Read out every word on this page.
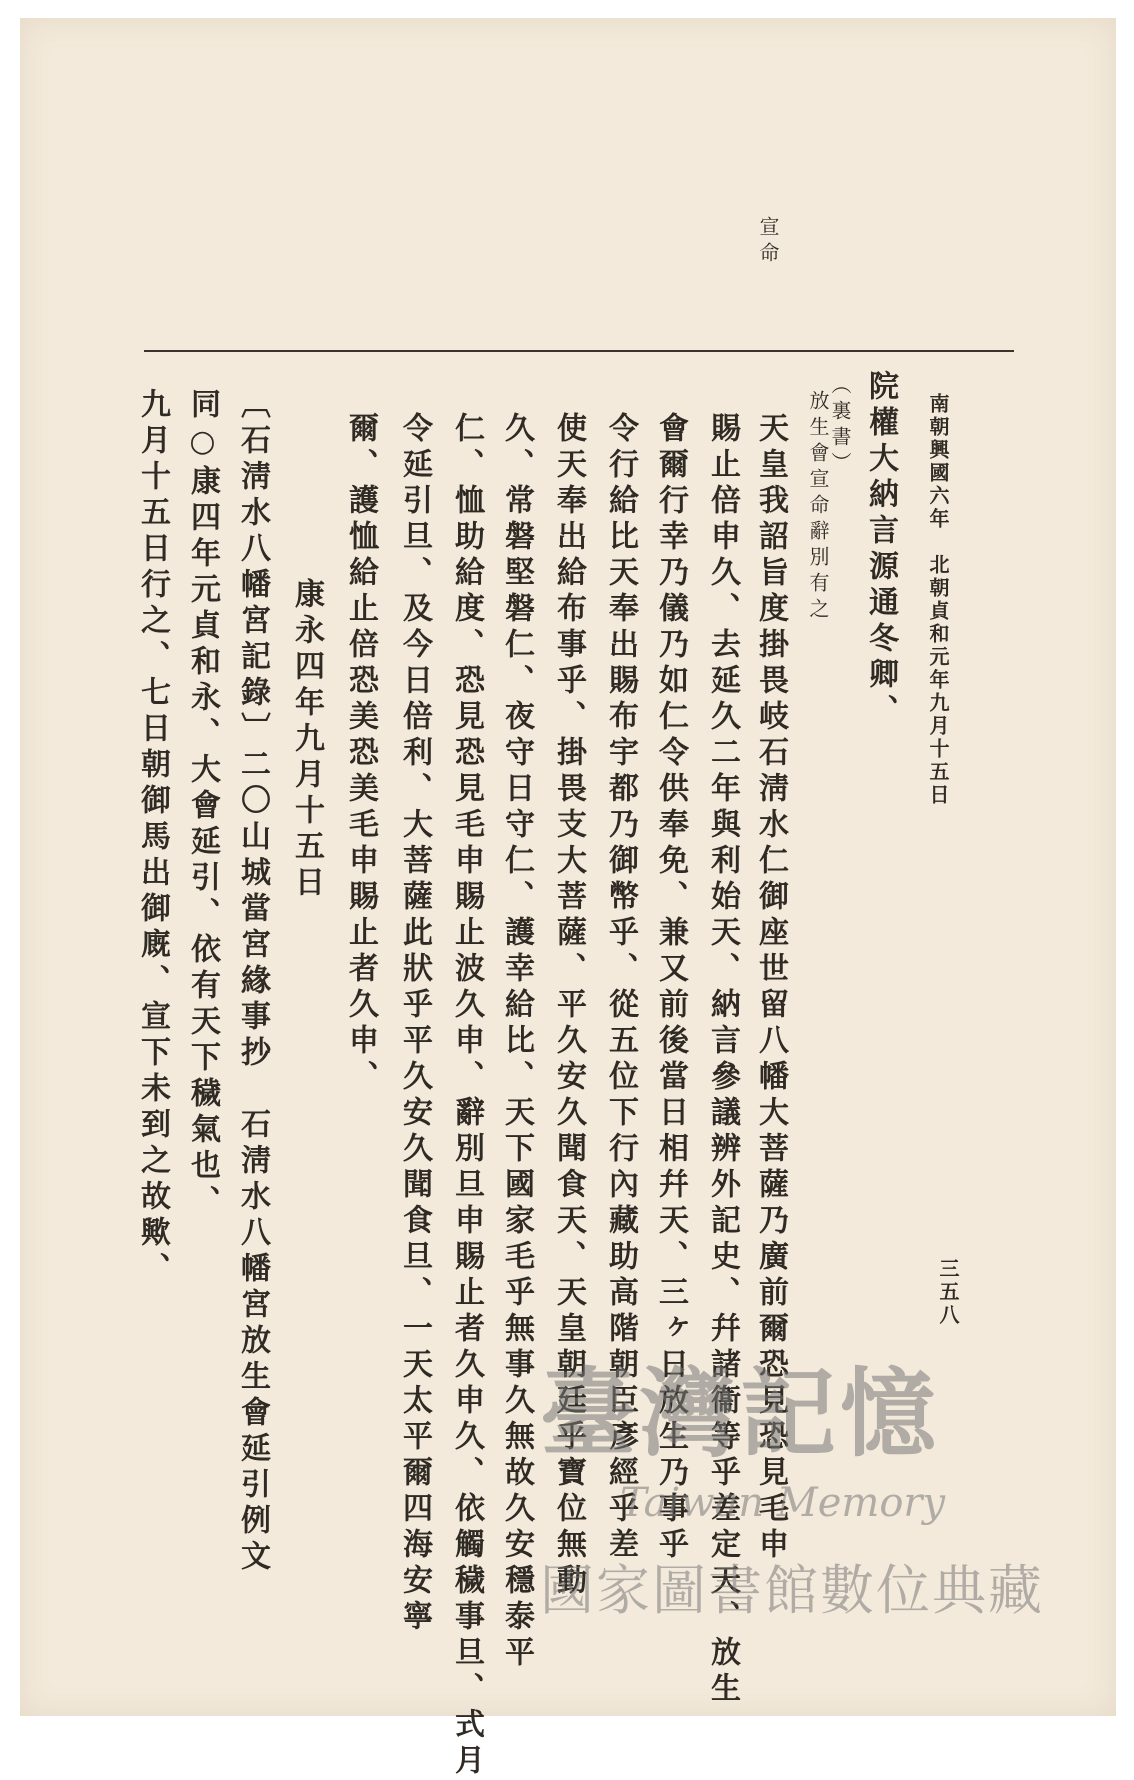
南朝興國六年　北朝貞和元年九月十五日
三五八
宣命
院權大納言源通冬卿、
（裏書）
放生會宣命辭別有之
天皇我詔旨度掛畏岐石淸水仁御座世留八幡大菩薩乃廣前爾恐見恐見毛申
賜止倍申久、去延久二年與利始天、納言參議辨外記史、幷諸衞等乎差定天、放生
會爾行幸乃儀乃如仁令供奉免、兼又前後當日相幷天、三ヶ日放生乃事乎
令行給比天奉出賜布宇都乃御幣乎、從五位下行內藏助高階朝臣彥經乎差
使天奉出給布事乎、掛畏支大菩薩、平久安久聞食天、天皇朝廷乎寶位無動
久、常磐堅磐仁、夜守日守仁、護幸給比、天下國家毛乎無事久無故久安穩泰平
仁、恤助給度、恐見恐見毛申賜止波久申、辭別旦申賜止者久申久、依觸穢事旦、式月
令延引旦、及今日倍利、大菩薩此狀乎平久安久聞食旦、一天太平爾四海安寧
爾、護恤給止倍恐美恐美毛申賜止者久申、
康永四年九月十五日
〔石淸水八幡宮記錄〕二〇山城當宮緣事抄　石淸水八幡宮放生會延引例文
同○康四年元貞和永、大會延引、依有天下穢氣也、
九月十五日行之、七日朝御馬出御廐、宣下未到之故歟、
臺灣記憶
Taiwan Memory
國家圖書館數位典藏
